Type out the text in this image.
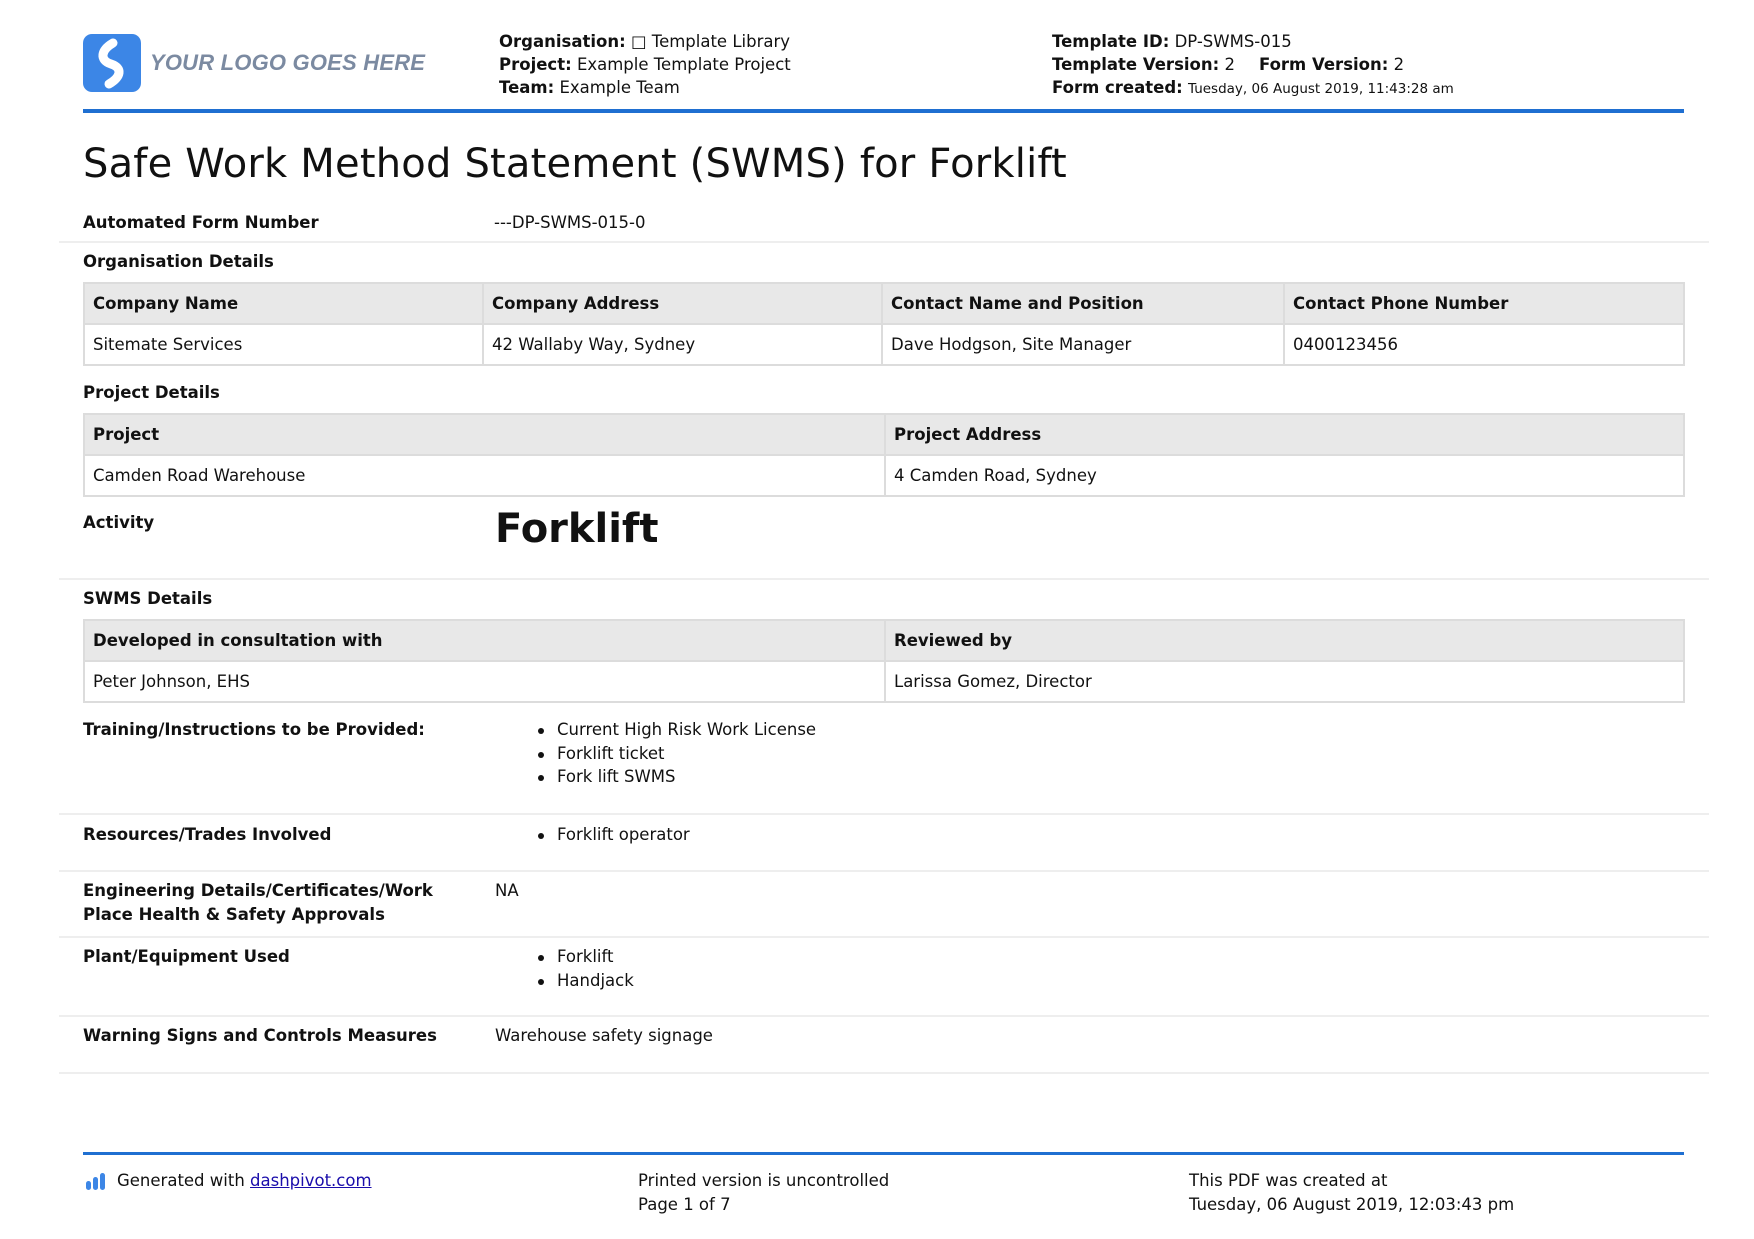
YOUR LOGO GOES HERE
Organisation: □ Template Library
Project: Example Template Project
Team: Example Team
Template ID: DP-SWMS-015
Template Version: 2 Form Version: 2
Form created: Tuesday, 06 August 2019, 11:43:28 am
Safe Work Method Statement (SWMS) for Forklift
Automated Form Number	---DP-SWMS-015-0
Organisation Details
Company Name	Company Address	Contact Name and Position	Contact Phone Number
Sitemate Services	42 Wallaby Way, Sydney	Dave Hodgson, Site Manager	0400123456
Project Details
Project	Project Address
Camden Road Warehouse	4 Camden Road, Sydney
Activity	Forklift
SWMS Details
Developed in consultation with	Reviewed by
Peter Johnson, EHS	Larissa Gomez, Director
Training/Instructions to be Provided:	Current High Risk Work License
Forklift ticket
Fork lift SWMS
Resources/Trades Involved	Forklift operator
Engineering Details/Certificates/Work
Place Health & Safety Approvals
NA
Plant/Equipment Used	Forklift
Handjack
Warning Signs and Controls Measures	Warehouse safety signage
Generated with dashpivot.com	Printed version is uncontrolled
Page 1 of 7
This PDF was created at
Tuesday, 06 August 2019, 12:03:43 pm
